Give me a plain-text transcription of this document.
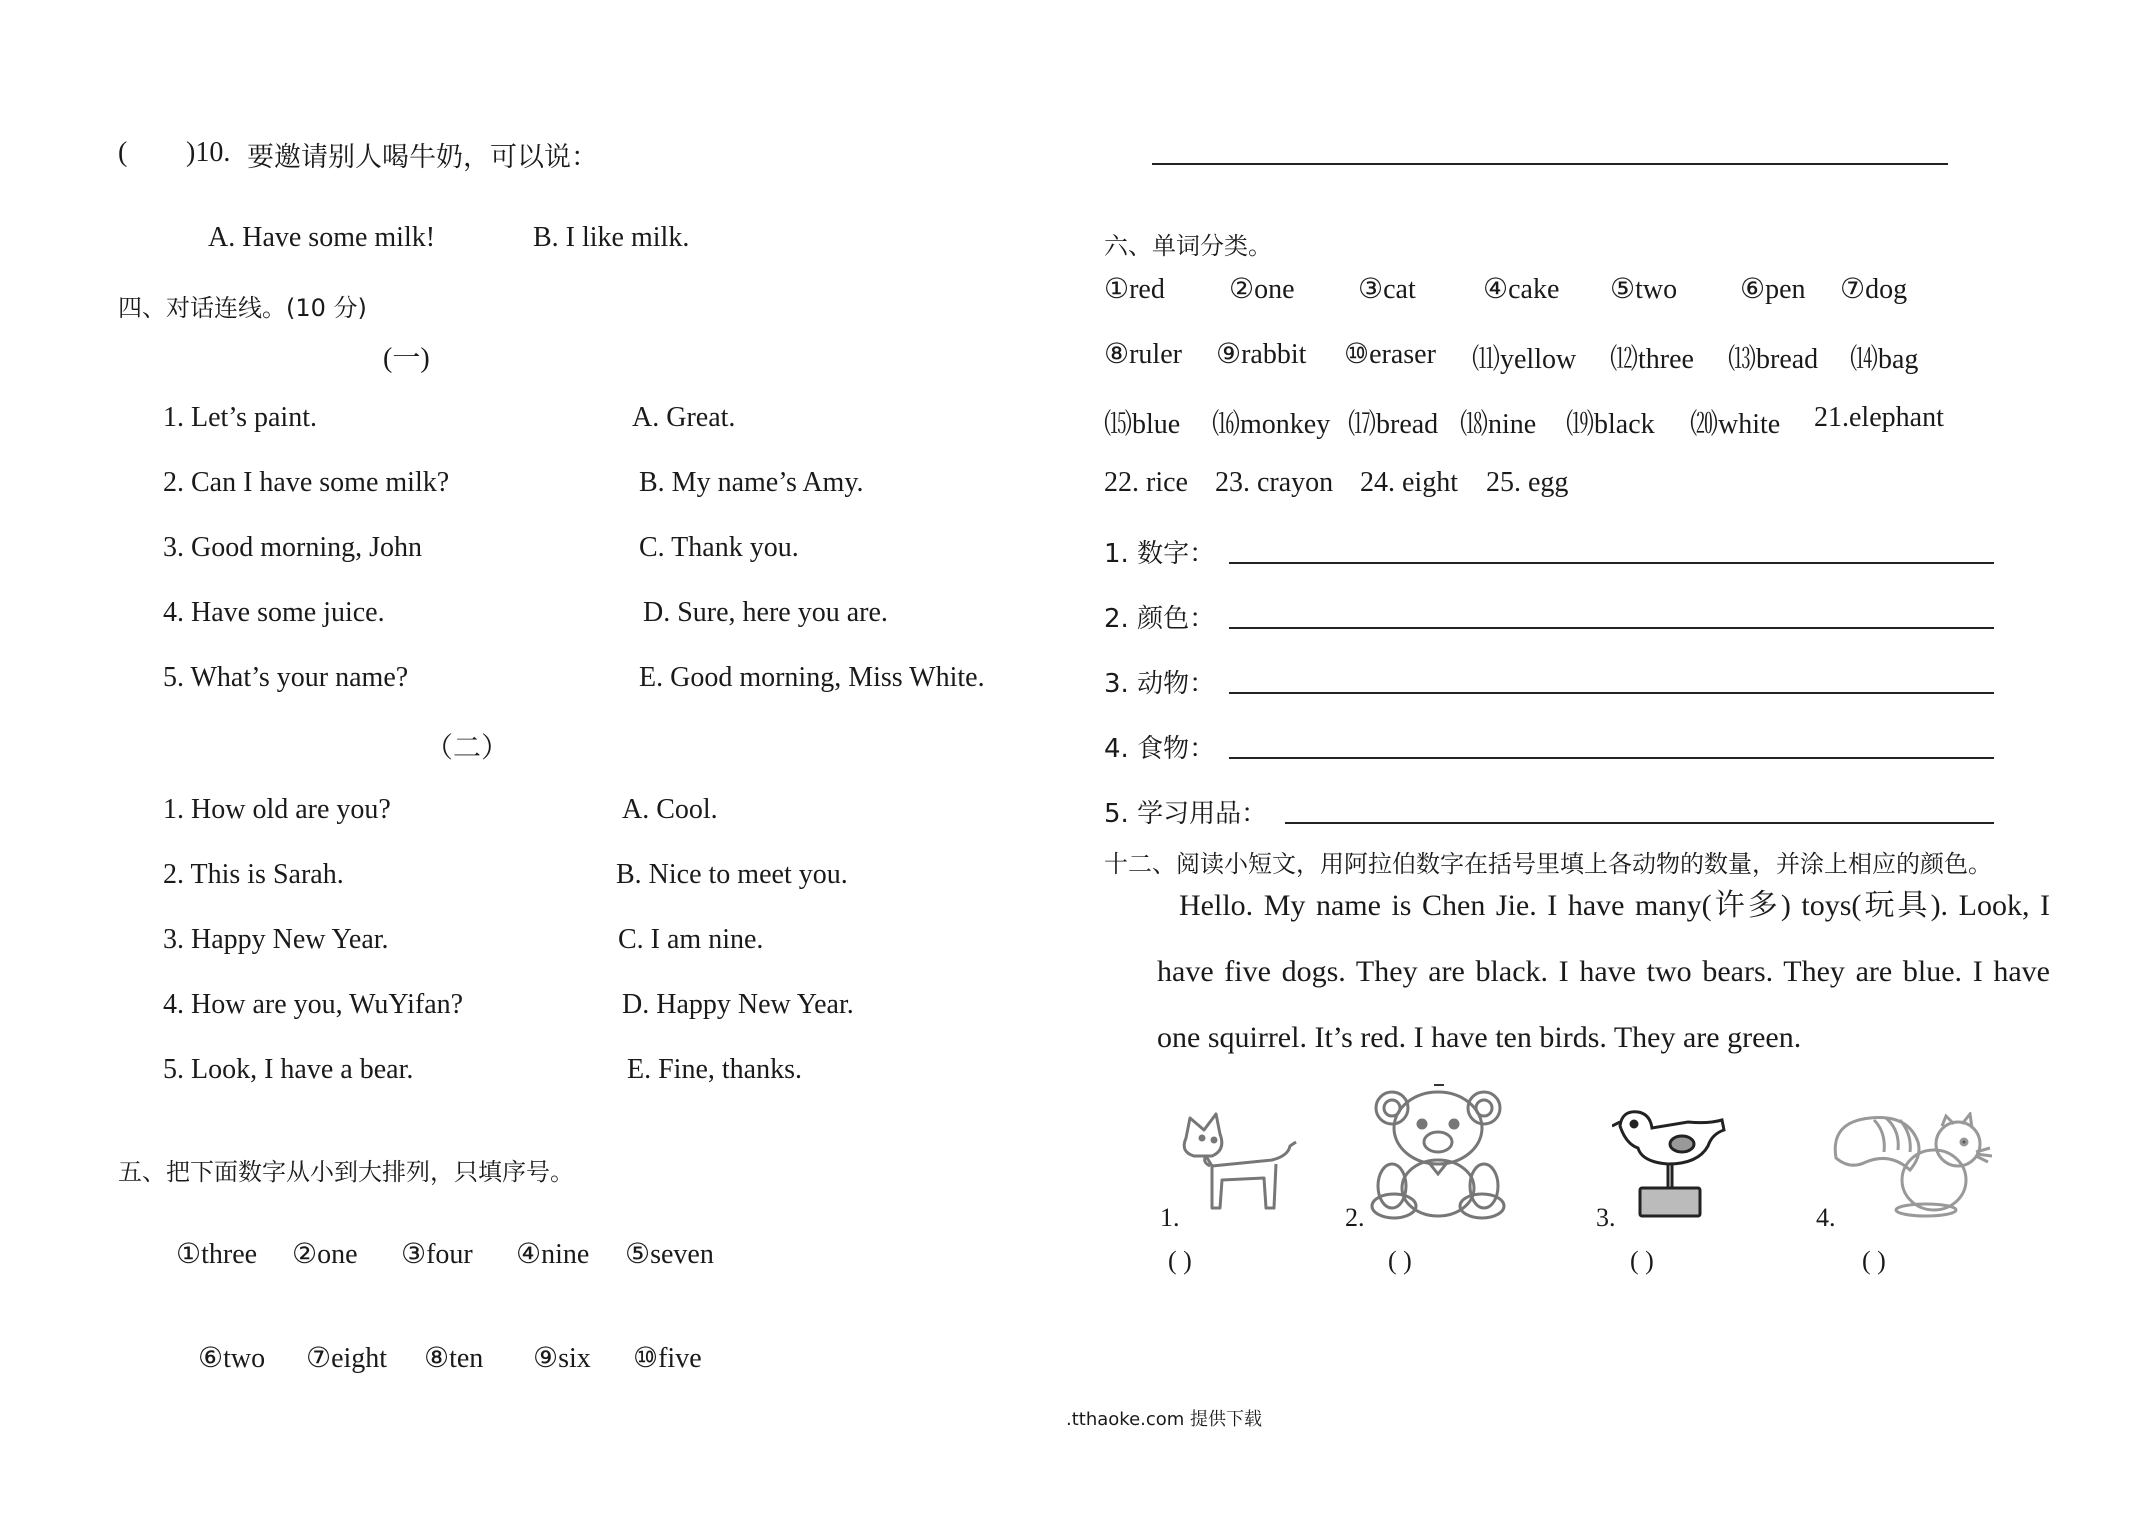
( )10. 要邀请别人喝牛奶，可以说：
A. Have some milk!	B. I like milk.
四、对话连线。(10 分)
(一)
1. Let’s paint.
2. Can I have some milk?
3. Good morning, John
4. Have some juice.
5. What’s your name?
A. Great.
B. My name’s Amy.
C. Thank you.
D. Sure, here you are.
E. Good morning, Miss White.
（二）
1. How old are you?
2. This is Sarah.
3. Happy New Year.
4. How are you, WuYifan?
5. Look, I have a bear.
A. Cool.
B. Nice to meet you.
C. I am nine.
D. Happy New Year.
E. Fine, thanks.
五、把下面数字从小到大排列，只填序号。
①three ②one ③four ④nine ⑤seven
⑥two ⑦eight ⑧ten ⑨six ⑩five
六、单词分类。
①red ②one ③cat ④cake ⑤two ⑥pen ⑦dog
⑧ruler ⑨rabbit ⑩eraser ⑾yellow ⑿three ⒀bread ⒁bag
⒂blue ⒃monkey ⒄bread ⒅nine ⒆black ⒇white 21.elephant
22. rice 23. crayon 24. eight 25. egg
1. 数字：
2. 颜色：
3. 动物：
4. 食物：
5. 学习用品：
十二、阅读小短文，用阿拉伯数字在括号里填上各动物的数量，并涂上相应的颜色。

Hello. My name is Chen Jie. I have many(许多) toys(玩具). Look, I have five dogs. They are black. I have two bears. They are blue. I have one squirrel. It’s red. I have ten birds. They are green.

1.
( )
2.
( )
3.
( )
4.
( )
.tthaoke.com 提供下载
